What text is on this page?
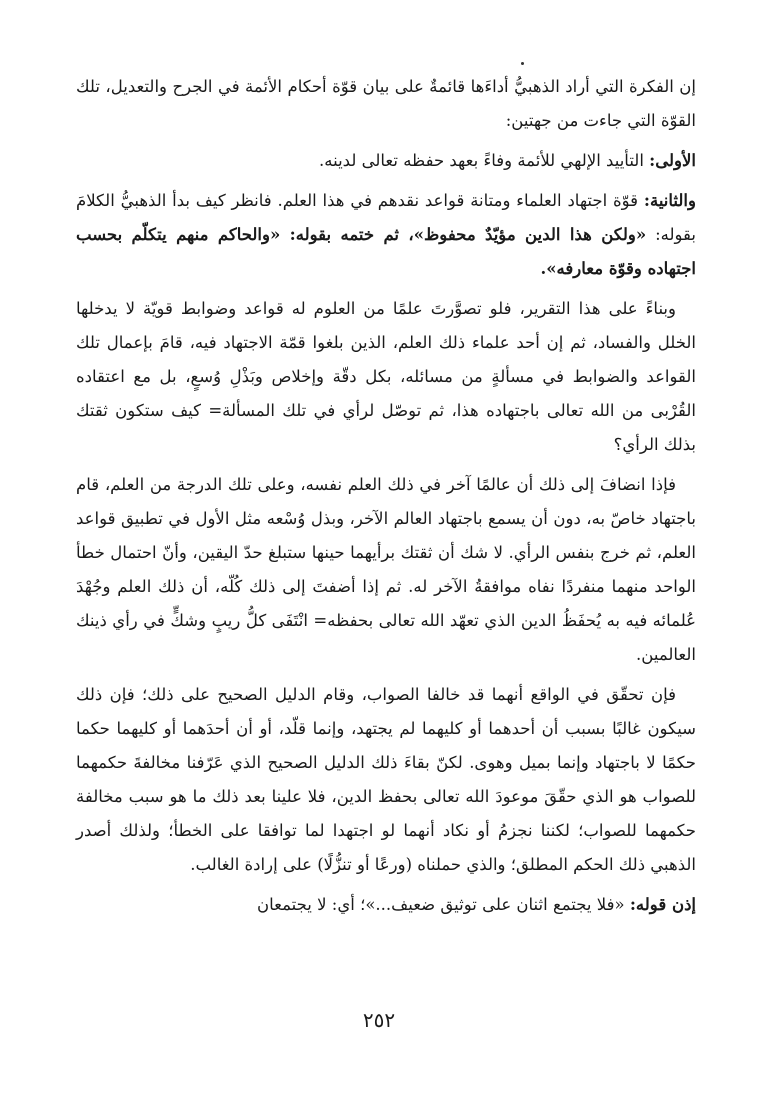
إن الفكرة التي أراد الذهبيُّ أداءَها قائمةٌ على بيان قوّة أحكام الأئمة في الجرح والتعديل، تلك القوّة التي جاءت من جهتين:

الأولى: التأييد الإلهي للأئمة وفاءً بعهد حفظه تعالى لدينه.

والثانية: قوّة اجتهاد العلماء ومتانة قواعد نقدهم في هذا العلم. فانظر كيف بدأ الذهبيُّ الكلامَ بقوله: «ولكن هذا الدين مؤيّدٌ محفوظ»، ثم ختمه بقوله: «والحاكم منهم يتكلّم بحسب اجتهاده وقوّة معارفه».

وبناءً على هذا التقرير، فلو تصوَّرتَ علمًا من العلوم له قواعد وضوابط قويّة لا يدخلها الخلل والفساد، ثم إن أحد علماء ذلك العلم، الذين بلغوا قمّة الاجتهاد فيه، قامَ بإعمال تلك القواعد والضوابط في مسألةٍ من مسائله، بكل دقّة وإخلاص وبَذْلِ وُسعٍ، بل مع اعتقاده القُرْبى من الله تعالى باجتهاده هذا، ثم توصّل لرأي في تلك المسألة= كيف ستكون ثقتك بذلك الرأي؟

فإذا انضافَ إلى ذلك أن عالمًا آخر في ذلك العلم نفسه، وعلى تلك الدرجة من العلم، قام باجتهاد خاصّ به، دون أن يسمع باجتهاد العالم الآخر، وبذل وُسْعه مثل الأول في تطبيق قواعد العلم، ثم خرج بنفس الرأي. لا شك أن ثقتك برأيهما حينها ستبلغ حدّ اليقين، وأنّ احتمال خطأ الواحد منهما منفردًا نفاه موافقةُ الآخر له. ثم إذا أضفتَ إلى ذلك كُلّه، أن ذلك العلم وجُهْدَ عُلمائه فيه به يُحفَظُ الدين الذي تعهّد الله تعالى بحفظه= انْتَفَى كلُّ ريبٍ وشكٍّ في رأي ذينك العالمين.

فإن تحقّق في الواقع أنهما قد خالفا الصواب، وقام الدليل الصحيح على ذلك؛ فإن ذلك سيكون غالبًا بسبب أن أحدهما أو كليهما لم يجتهد، وإنما قلّد، أو أن أحدَهما أو كليهما حكما حكمًا لا باجتهاد وإنما بميل وهوى. لكنّ بقاءَ ذلك الدليل الصحيح الذي عَرّفنا مخالفةَ حكمهما للصواب هو الذي حقّقَ موعودَ الله تعالى بحفظ الدين، فلا علينا بعد ذلك ما هو سبب مخالفة حكمهما للصواب؛ لكننا نجزمُ أو نكاد أنهما لو اجتهدا لما توافقا على الخطأ؛ ولذلك أصدر الذهبي ذلك الحكم المطلق؛ والذي حملناه (ورعًا أو تنزُّلًا) على إرادة الغالب.

إذن قوله: «فلا يجتمع اثنان على توثيق ضعيف...»؛ أي: لا يجتمعان

٢٥٢
